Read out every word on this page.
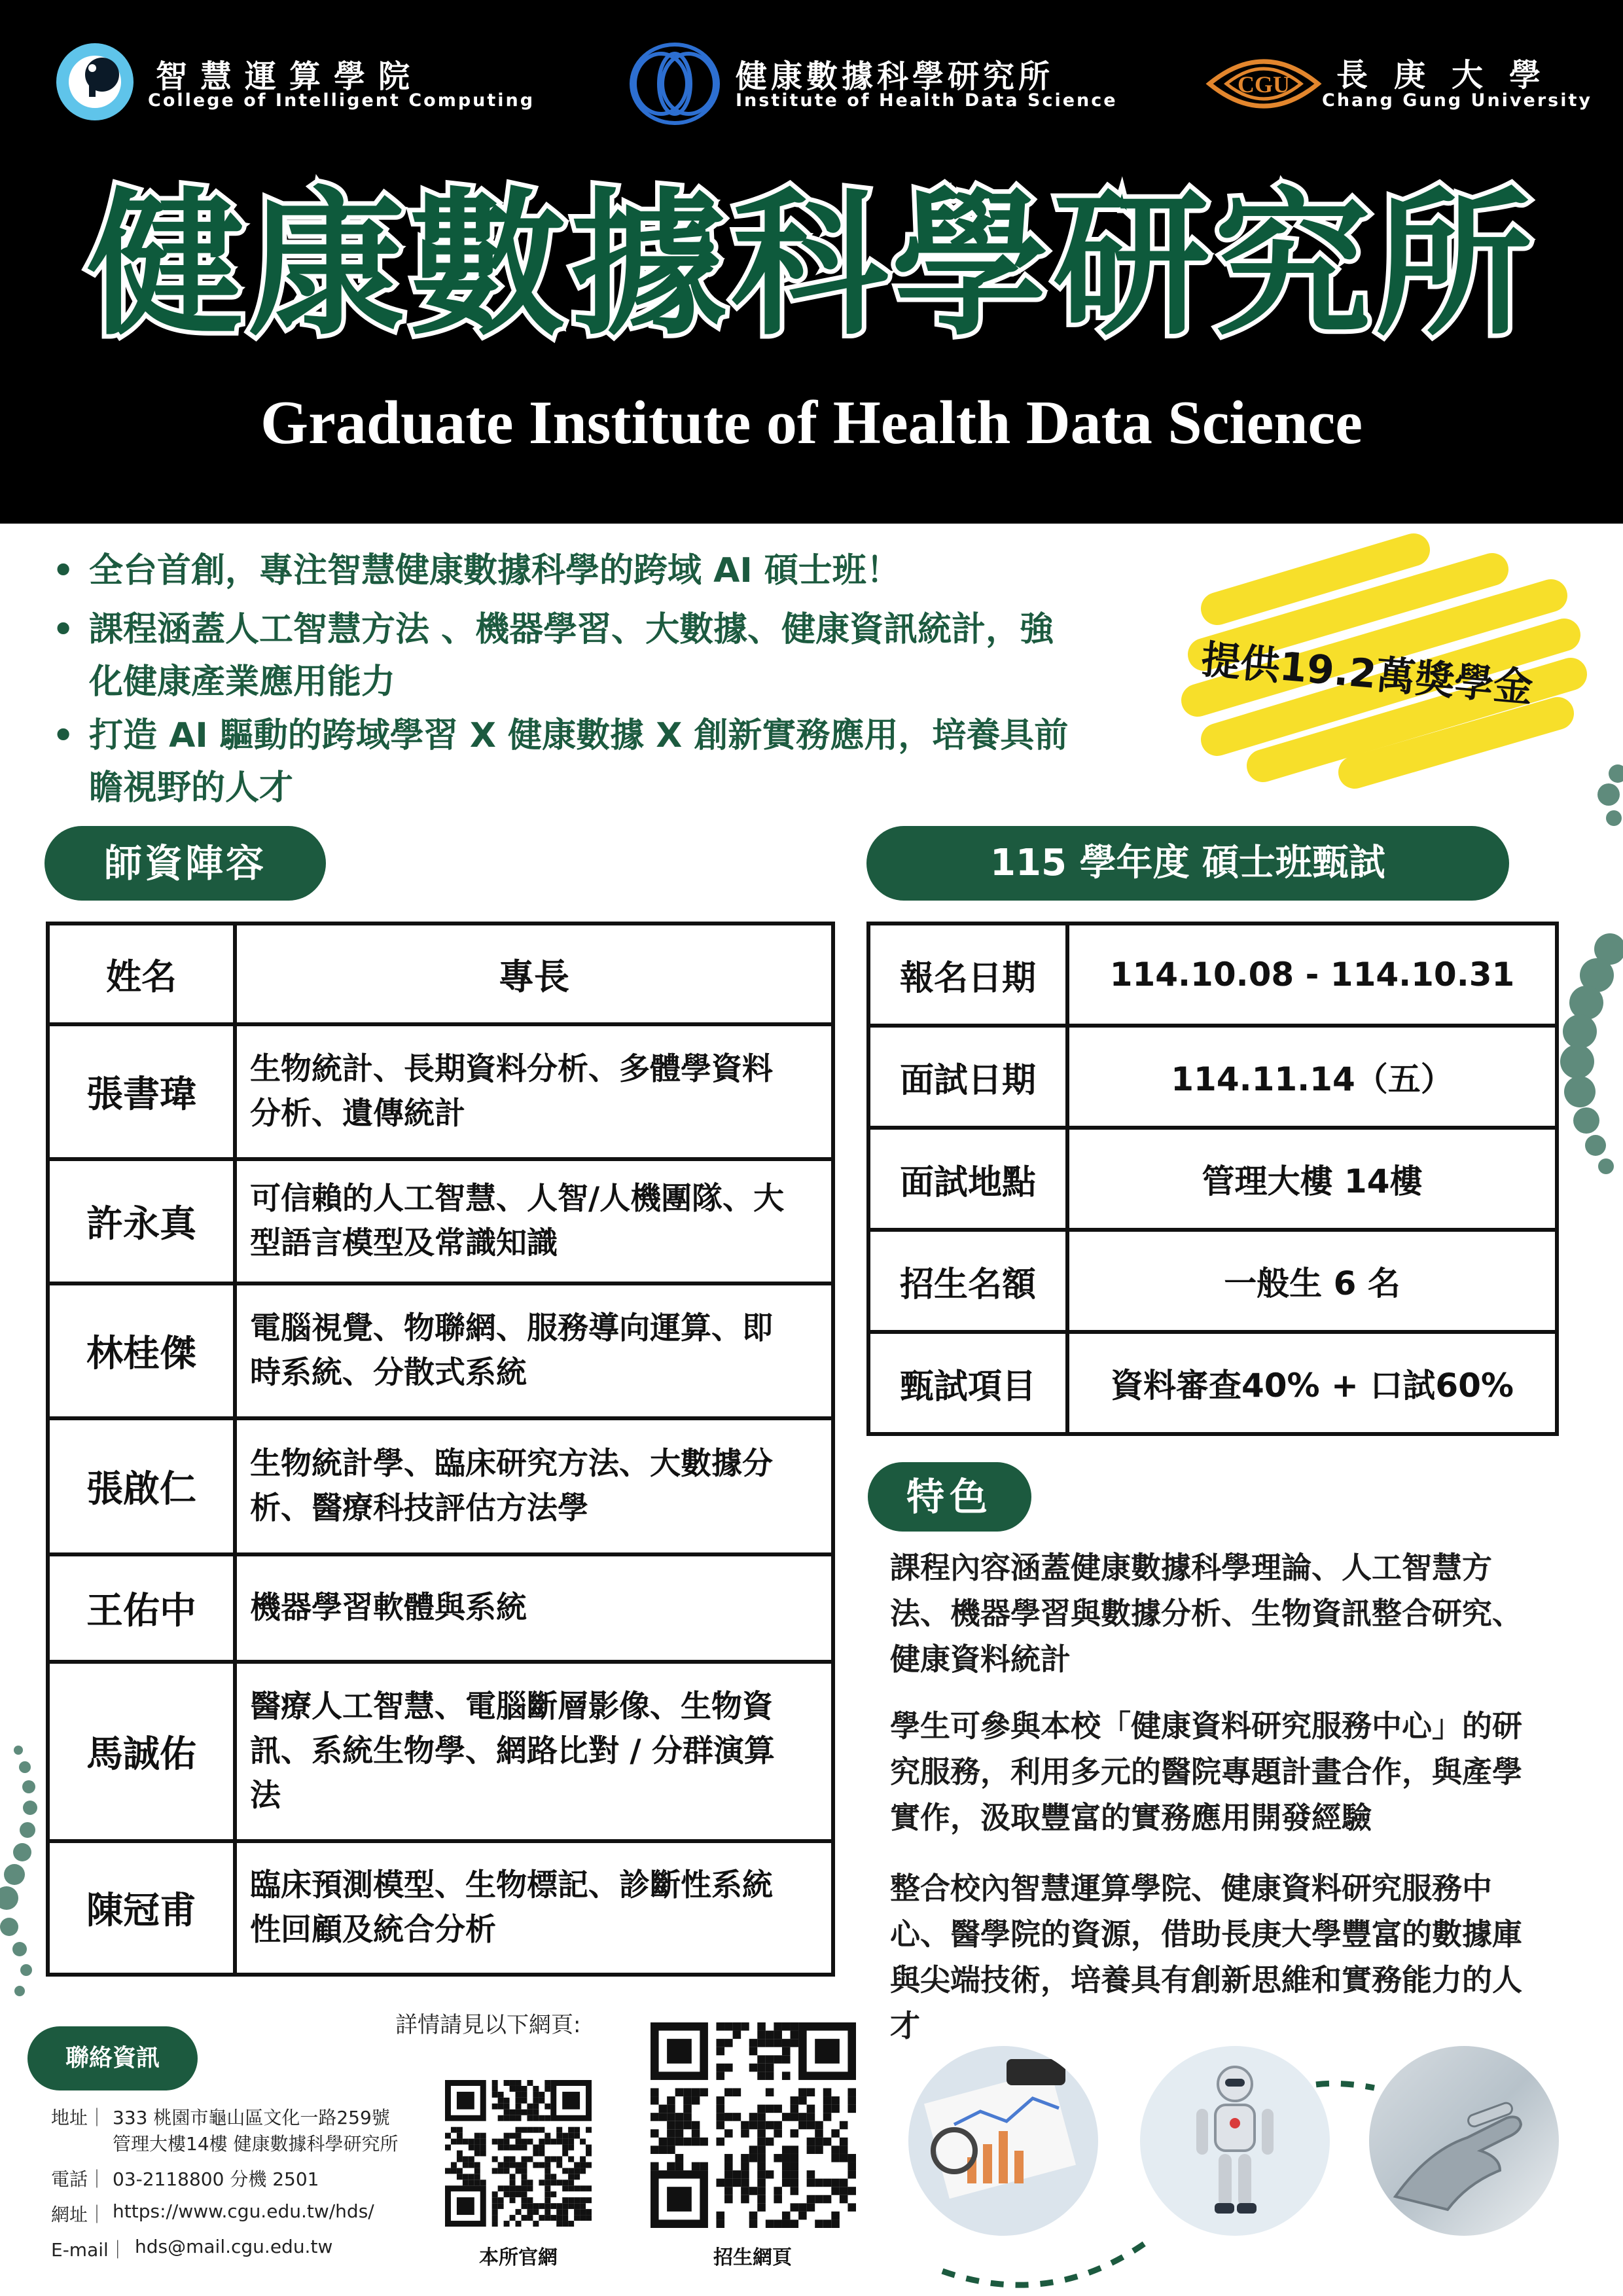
智慧運算學院
College of Intelligent Computing
健康數據科學研究所
Institute of Health Data Science
CGU 長庚大學
Chang Gung University
健康數據科學研究所
Graduate Institute of Health Data Science
• 全台首創，專注智慧健康數據科學的跨域 AI 碩士班！
• 課程涵蓋人工智慧方法 、機器學習、大數據、健康資訊統計，強
化健康產業應用能力
• 打造 AI 驅動的跨域學習 X 健康數據 X 創新實務應用，培養具前
瞻視野的人才
提供19.2萬獎學金
師資陣容
姓名	專長
張書瑋	生物統計、長期資料分析、多體學資料
分析、遺傳統計

許永真	可信賴的人工智慧、人智/人機團隊、大
型語言模型及常識知識

林桂傑	電腦視覺、物聯網、服務導向運算、即
時系統、分散式系統

張啟仁	生物統計學、臨床研究方法、大數據分
析、醫療科技評估方法學

王佑中	機器學習軟體與系統

馬誠佑	醫療人工智慧、電腦斷層影像、生物資
訊、系統生物學、網路比對 / 分群演算
法

陳冠甫	臨床預測模型、生物標記、診斷性系統
性回顧及統合分析
115 學年度 碩士班甄試
報名日期	114.10.08 - 114.10.31
面試日期	114.11.14（五）
面試地點	管理大樓 14樓
招生名額	一般生 6 名
甄試項目	資料審查40% + 口試60%
特色
課程內容涵蓋健康數據科學理論、人工智慧方
法、機器學習與數據分析、生物資訊整合研究、
健康資料統計
學生可參與本校「健康資料研究服務中心」的研
究服務，利用多元的醫院專題計畫合作，與產學
實作，汲取豐富的實務應用開發經驗
整合校內智慧運算學院、健康資料研究服務中
心、醫學院的資源，借助長庚大學豐富的數據庫
與尖端技術，培養具有創新思維和實務能力的人
才
聯絡資訊
地址｜ 333 桃園市龜山區文化一路259號
管理大樓14樓 健康數據科學研究所
電話｜ 03-2118800 分機 2501
網址｜ https://www.cgu.edu.tw/hds/
E-mail｜ hds@mail.cgu.edu.tw
詳情請見以下網頁:
本所官網	招生網頁
